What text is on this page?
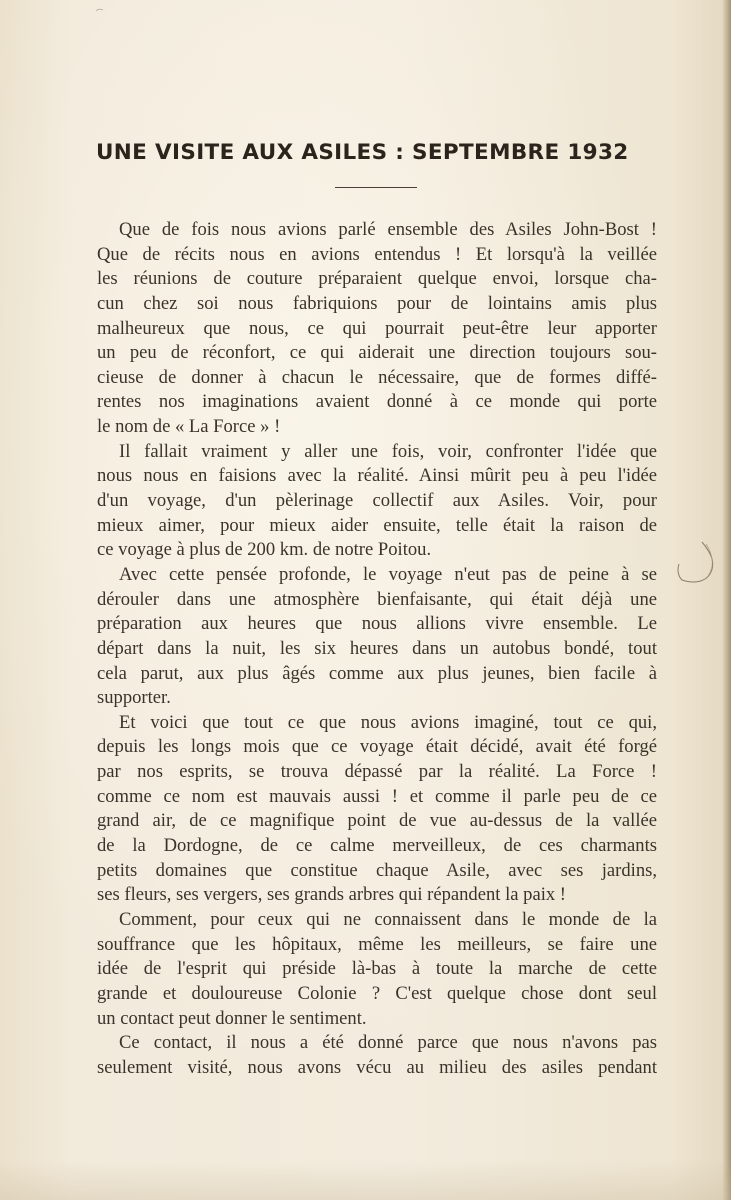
UNE VISITE AUX ASILES : SEPTEMBRE 1932
Que de fois nous avions parlé ensemble des Asiles John-Bost !
Que de récits nous en avions entendus ! Et lorsqu'à la veillée
les réunions de couture préparaient quelque envoi, lorsque cha-
cun chez soi nous fabriquions pour de lointains amis plus
malheureux que nous, ce qui pourrait peut-être leur apporter
un peu de réconfort, ce qui aiderait une direction toujours sou-
cieuse de donner à chacun le nécessaire, que de formes diffé-
rentes nos imaginations avaient donné à ce monde qui porte
le nom de « La Force » !
Il fallait vraiment y aller une fois, voir, confronter l'idée que
nous nous en faisions avec la réalité. Ainsi mûrit peu à peu l'idée
d'un voyage, d'un pèlerinage collectif aux Asiles. Voir, pour
mieux aimer, pour mieux aider ensuite, telle était la raison de
ce voyage à plus de 200 km. de notre Poitou.
Avec cette pensée profonde, le voyage n'eut pas de peine à se
dérouler dans une atmosphère bienfaisante, qui était déjà une
préparation aux heures que nous allions vivre ensemble. Le
départ dans la nuit, les six heures dans un autobus bondé, tout
cela parut, aux plus âgés comme aux plus jeunes, bien facile à
supporter.
Et voici que tout ce que nous avions imaginé, tout ce qui,
depuis les longs mois que ce voyage était décidé, avait été forgé
par nos esprits, se trouva dépassé par la réalité. La Force !
comme ce nom est mauvais aussi ! et comme il parle peu de ce
grand air, de ce magnifique point de vue au-dessus de la vallée
de la Dordogne, de ce calme merveilleux, de ces charmants
petits domaines que constitue chaque Asile, avec ses jardins,
ses fleurs, ses vergers, ses grands arbres qui répandent la paix !
Comment, pour ceux qui ne connaissent dans le monde de la
souffrance que les hôpitaux, même les meilleurs, se faire une
idée de l'esprit qui préside là-bas à toute la marche de cette
grande et douloureuse Colonie ? C'est quelque chose dont seul
un contact peut donner le sentiment.
Ce contact, il nous a été donné parce que nous n'avons pas
seulement visité, nous avons vécu au milieu des asiles pendant
